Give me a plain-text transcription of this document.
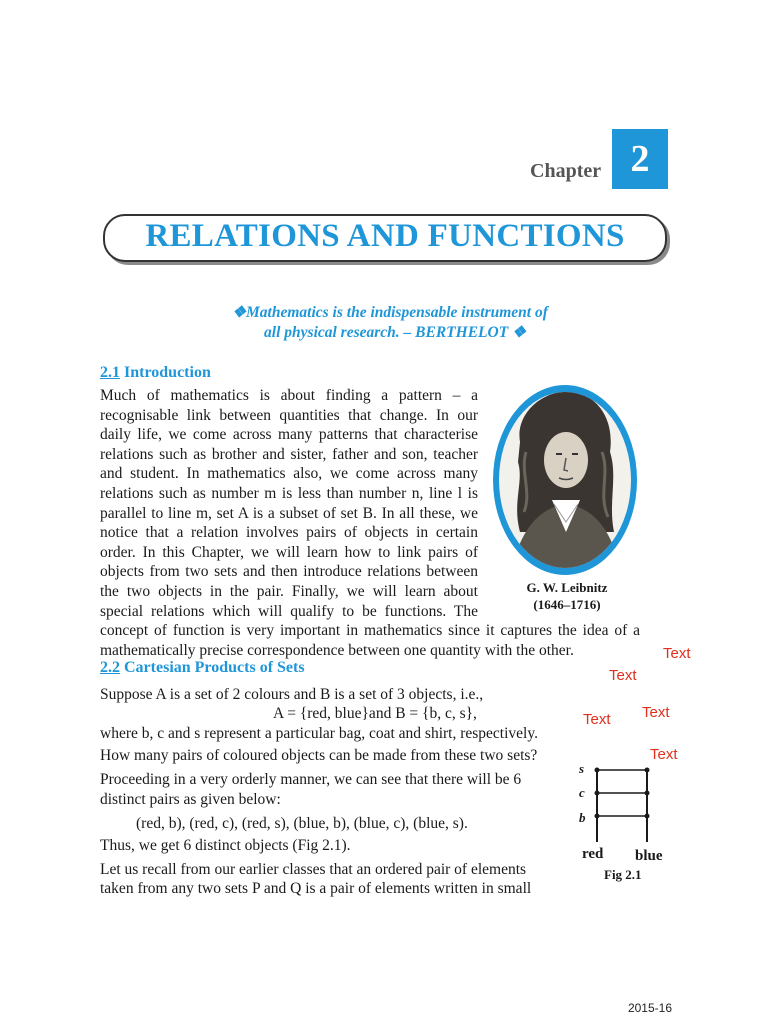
Chapter 2
RELATIONS AND FUNCTIONS
❖Mathematics is the indispensable instrument of
all physical research. – BERTHELOT ❖
2.1 Introduction
Much of mathematics is about finding a pattern – a
recognisable link between quantities that change. In our
daily life, we come across many patterns that characterise
relations such as brother and sister, father and son, teacher
and student. In mathematics also, we come across many
relations such as number m is less than number n, line l is
parallel to line m, set A is a subset of set B. In all these, we
notice that a relation involves pairs of objects in certain
order. In this Chapter, we will learn how to link pairs of
objects from two sets and then introduce relations between
the two objects in the pair. Finally, we will learn about
special relations which will qualify to be functions. The
concept of function is very important in mathematics since it captures the idea of a
mathematically precise correspondence between one quantity with the other.
G. W. Leibnitz
(1646–1716)
2.2 Cartesian Products of Sets
Suppose A is a set of 2 colours and B is a set of 3 objects, i.e.,
A = {red, blue}and B = {b, c, s},
where b, c and s represent a particular bag, coat and shirt, respectively.
How many pairs of coloured objects can be made from these two sets?
Proceeding in a very orderly manner, we can see that there will be 6
distinct pairs as given below:
(red, b), (red, c), (red, s), (blue, b), (blue, c), (blue, s).
Thus, we get 6 distinct objects (Fig 2.1).
Let us recall from our earlier classes that an ordered pair of elements
taken from any two sets P and Q is a pair of elements written in small
s
c
b
red blue
Fig 2.1
Text
Text
Text
Text
Text
2015-16
